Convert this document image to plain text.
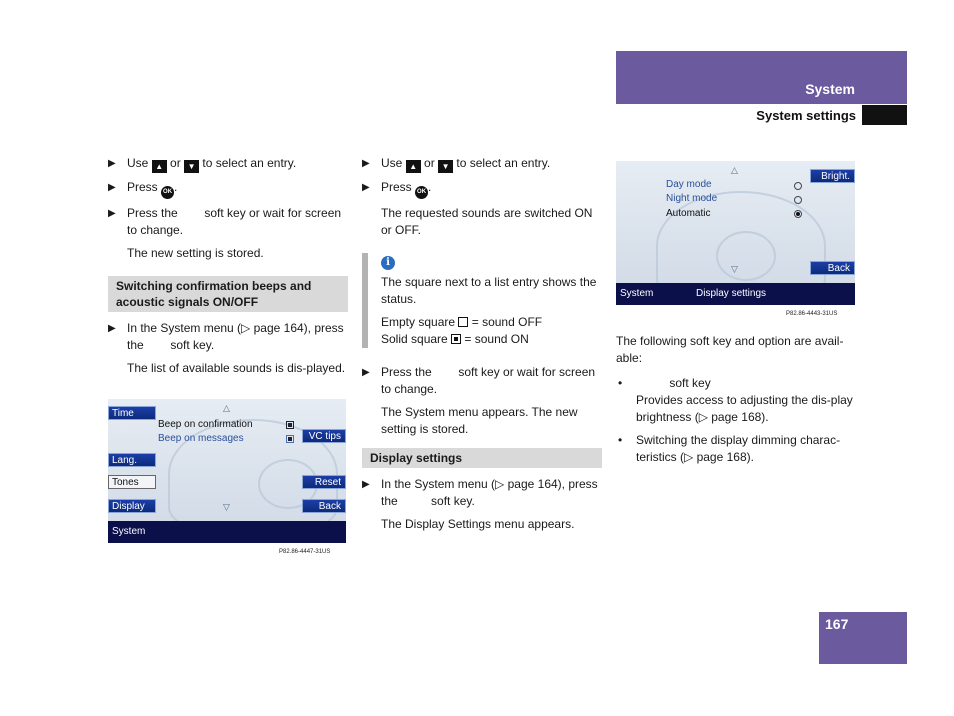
System
System settings
▶ Use ▲ or ▼ to select an entry.
▶ Press OK .
▶ Press the        soft key or wait for screen to change.
The new setting is stored.
Switching confirmation beeps and acoustic signals ON/OFF
▶ In the System menu (▷ page 164), press the        soft key.
The list of available sounds is dis-played.
Time
Lang.
Tones
Display
VC tips
Reset
Back
△
▽
Beep on confirmation
Beep on messages
System
P82.86-4447-31US
▶ Use ▲ or ▼ to select an entry.
▶ Press OK .
The requested sounds are switched ON or OFF.
i
The square next to a list entry shows the status.
Empty square = sound OFF
Solid square = sound ON
▶ Press the        soft key or wait for screen to change.
The System menu appears. The new setting is stored.
Display settings
▶ In the System menu (▷ page 164), press the          soft key.
The Display Settings menu appears.
△
▽
Bright.
Back
Day mode
Night mode
Automatic
System	Display settings
P82.86-4443-31US
The following soft key and option are avail-able:
• soft key
Provides access to adjusting the dis-play brightness (▷ page 168).
• Switching the display dimming charac-teristics (▷ page 168).
167
